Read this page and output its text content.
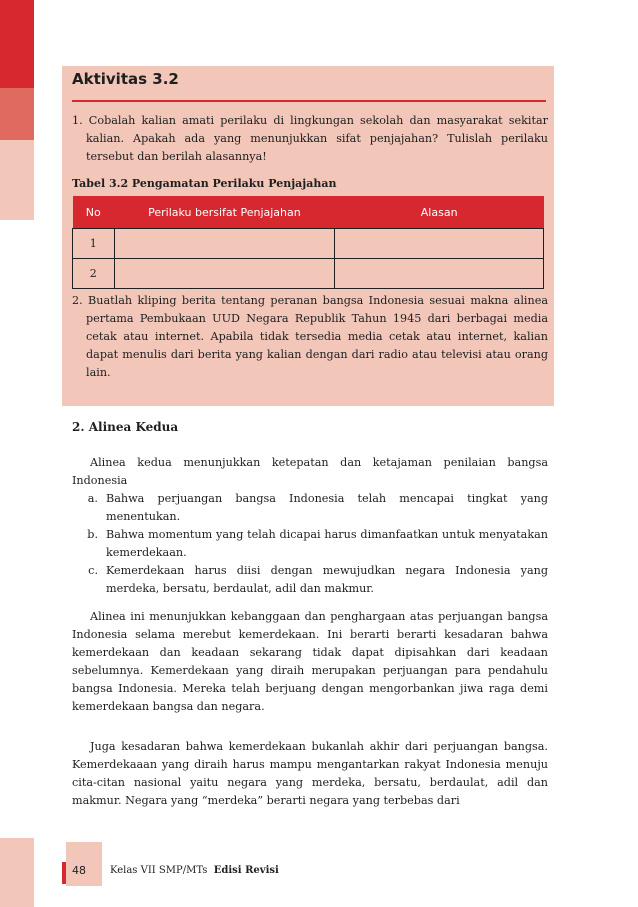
Aktivitas 3.2
1. Cobalah kalian amati perilaku di lingkungan sekolah dan masyarakat sekitar kalian. Apakah ada yang menunjukkan sifat penjajahan? Tulislah perilaku tersebut dan berilah alasannya!
Tabel 3.2 Pengamatan Perilaku Penjajahan
No	Perilaku bersifat Penjajahan	Alasan
1		
2		
2. Buatlah kliping berita tentang peranan bangsa Indonesia sesuai makna alinea pertama Pembukaan UUD Negara Republik Tahun 1945 dari berbagai media cetak atau internet. Apabila tidak tersedia media cetak atau internet, kalian dapat menulis dari berita yang kalian dengan dari radio atau televisi atau orang lain.
2. Alinea Kedua
Alinea kedua menunjukkan ketepatan dan ketajaman penilaian bangsa Indonesia
a. Bahwa perjuangan bangsa Indonesia telah mencapai tingkat yang menentukan.
b. Bahwa momentum yang telah dicapai harus dimanfaatkan untuk menyatakan kemerdekaan.
c. Kemerdekaan harus diisi dengan mewujudkan negara Indonesia yang merdeka, bersatu, berdaulat, adil dan makmur.
Alinea ini menunjukkan kebanggaan dan penghargaan atas perjuangan bangsa Indonesia selama merebut kemerdekaan. Ini berarti berarti kesadaran bahwa kemerdekaan dan keadaan sekarang tidak dapat dipisahkan dari keadaan sebelumnya. Kemerdekaan yang diraih merupakan perjuangan para pendahulu bangsa Indonesia. Mereka telah berjuang dengan mengorbankan jiwa raga demi kemerdekaan bangsa dan negara.
Juga kesadaran bahwa kemerdekaan bukanlah akhir dari perjuangan bangsa. Kemerdekaaan yang diraih harus mampu mengantarkan rakyat Indonesia menuju cita-citan nasional yaitu negara yang merdeka, bersatu, berdaulat, adil dan makmur. Negara yang “merdeka” berarti negara yang terbebas dari
48 Kelas VII SMP/MTs Edisi Revisi
